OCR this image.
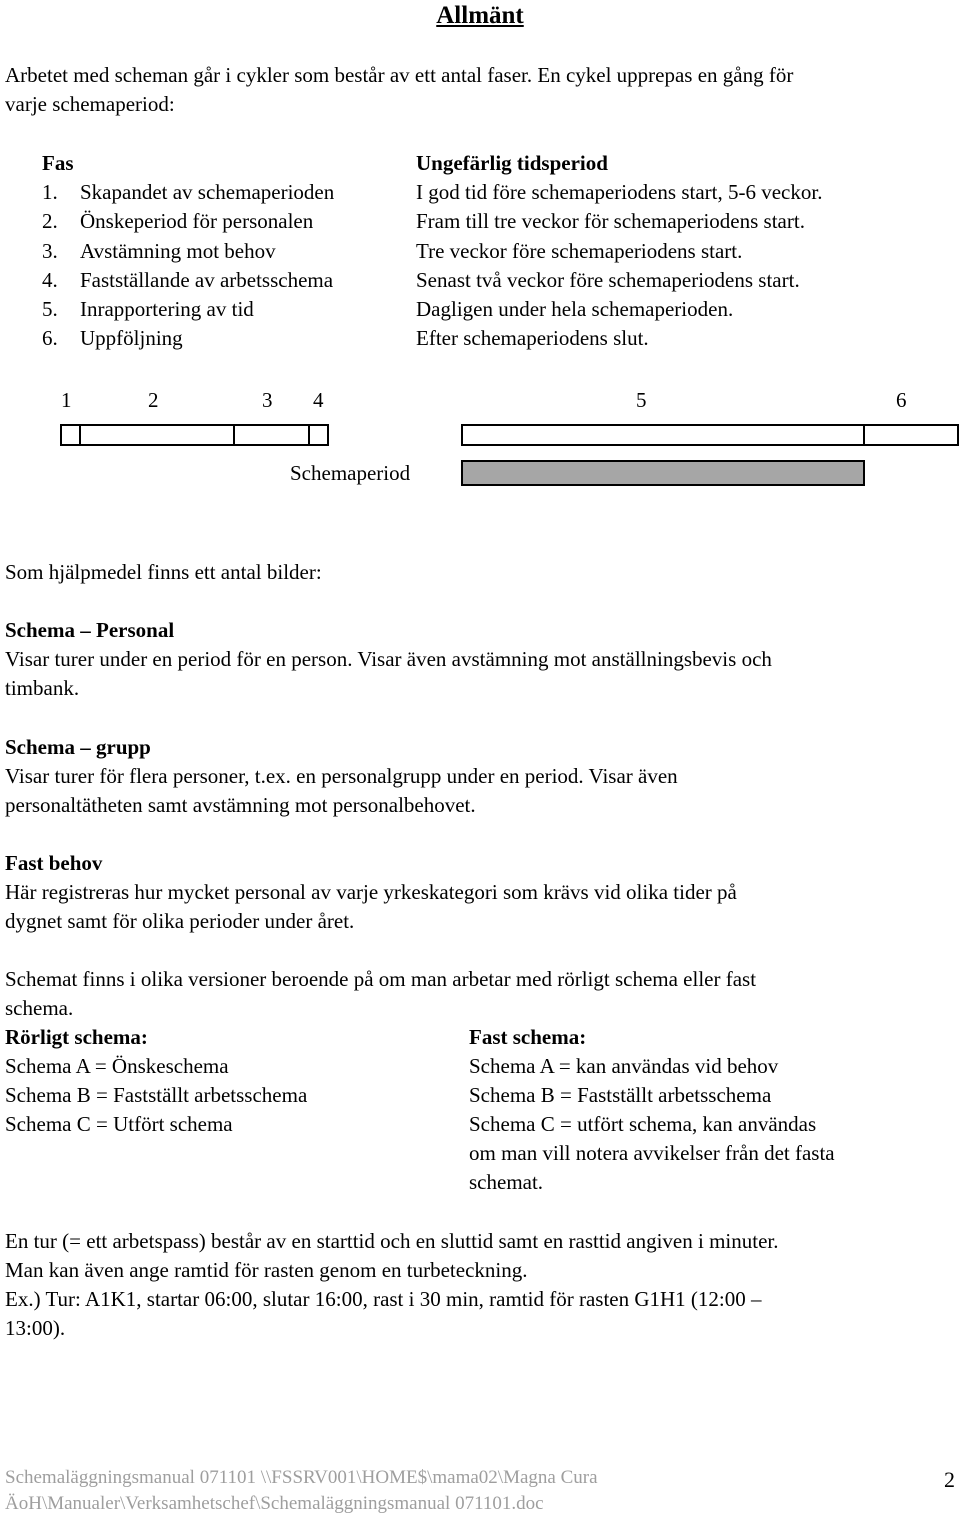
Allmänt
Arbetet med scheman går i cykler som består av ett antal faser. En cykel upprepas en gång för
varje schemaperiod:
Fas	Ungefärlig tidsperiod
1. Skapandet av schemaperioden	I god tid före schemaperiodens start, 5-6 veckor.
2. Önskeperiod för personalen	Fram till tre veckor för schemaperiodens start.
3. Avstämning mot behov	Tre veckor före schemaperiodens start.
4. Fastställande av arbetsschema	Senast två veckor före schemaperiodens start.
5. Inrapportering av tid	Dagligen under hela schemaperioden.
6. Uppföljning	Efter schemaperiodens slut.
1	2	3 4	5	6
Schemaperiod
Som hjälpmedel finns ett antal bilder:
Schema – Personal
Visar turer under en period för en person. Visar även avstämning mot anställningsbevis och
timbank.
Schema – grupp
Visar turer för flera personer, t.ex. en personalgrupp under en period. Visar även
personaltätheten samt avstämning mot personalbehovet.
Fast behov
Här registreras hur mycket personal av varje yrkeskategori som krävs vid olika tider på
dygnet samt för olika perioder under året.
Schemat finns i olika versioner beroende på om man arbetar med rörligt schema eller fast
schema.
Rörligt schema:
Schema A = Önskeschema
Schema B = Fastställt arbetsschema
Schema C = Utfört schema
Fast schema:
Schema A = kan användas vid behov
Schema B = Fastställt arbetsschema
Schema C = utfört schema, kan användas
om man vill notera avvikelser från det fasta
schemat.
En tur (= ett arbetspass) består av en starttid och en sluttid samt en rasttid angiven i minuter.
Man kan även ange ramtid för rasten genom en turbeteckning.
Ex.) Tur: A1K1, startar 06:00, slutar 16:00, rast i 30 min, ramtid för rasten G1H1 (12:00 –
13:00).
Schemaläggningsmanual 071101 \\FSSRV001\HOME$\mama02\Magna Cura
ÄoH\Manualer\Verksamhetschef\Schemaläggningsmanual 071101.doc
2
